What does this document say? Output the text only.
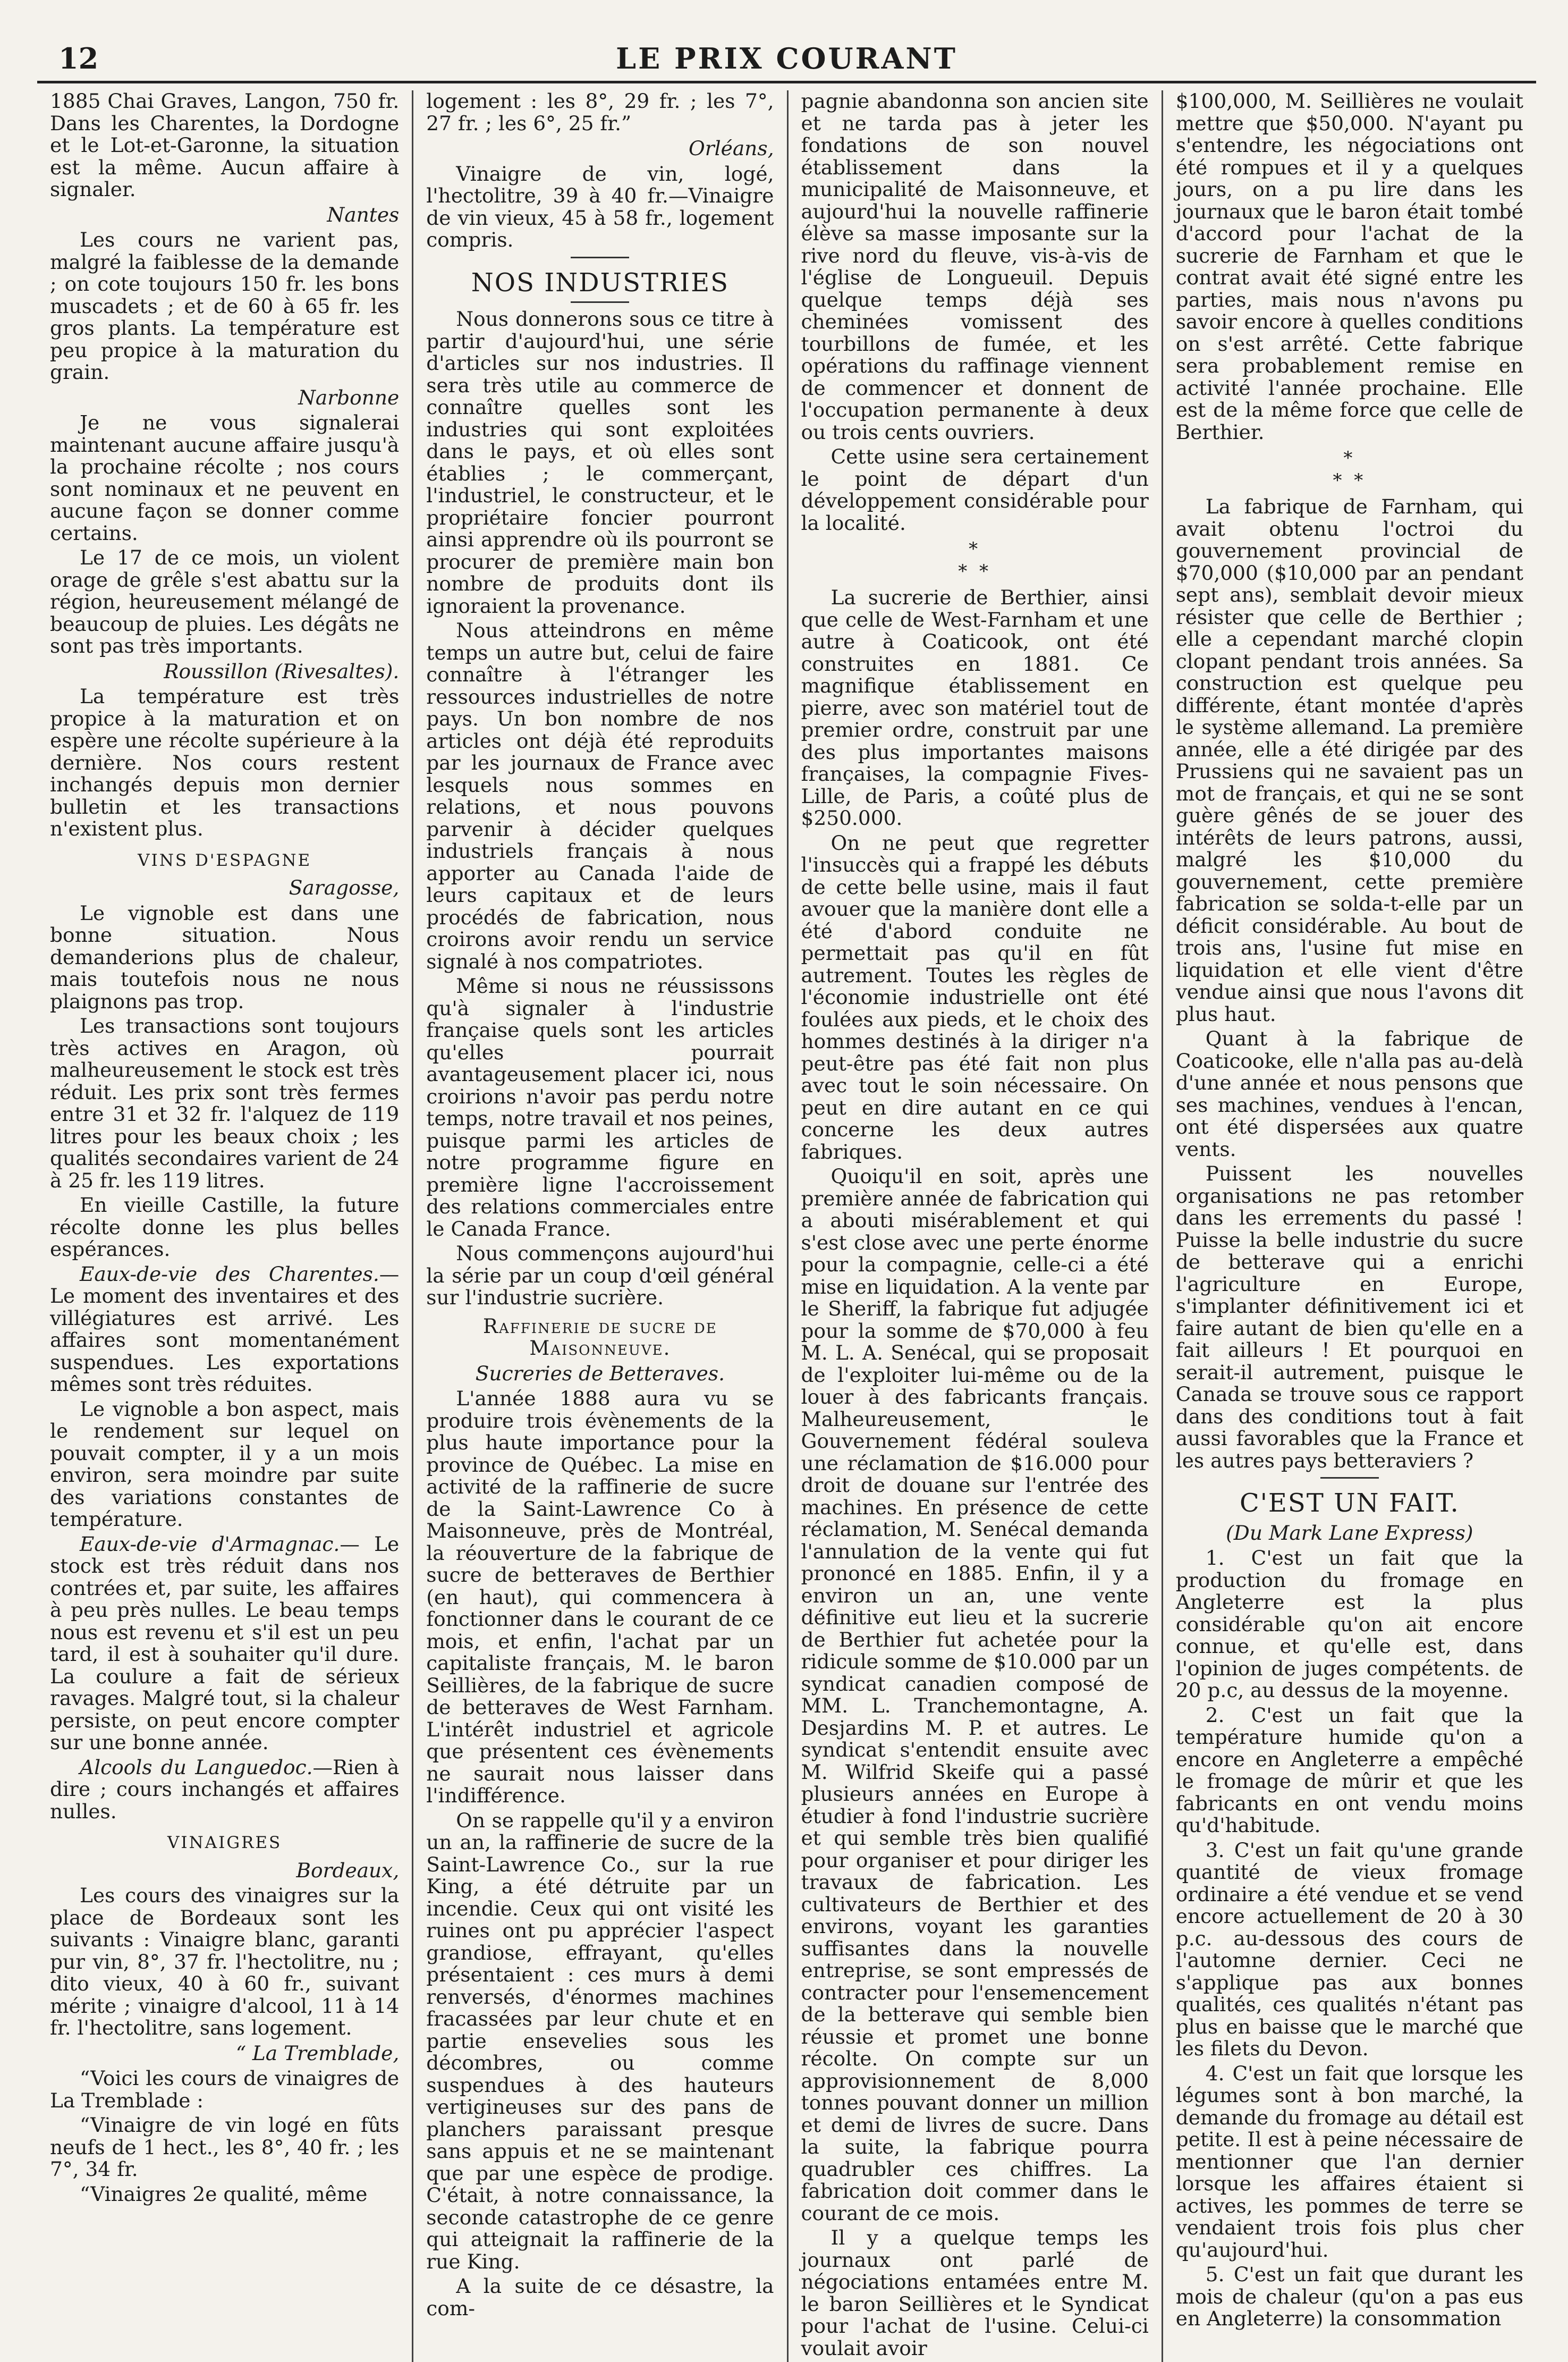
12	LE PRIX COURANT

1885 Chai Graves, Langon, 750 fr. Dans les Charentes, la Dordogne et le Lot-et-Garonne, la situation est la même. Aucun affaire à signaler.

Nantes

Les cours ne varient pas, malgré la faiblesse de la demande ; on cote toujours 150 fr. les bons muscadets ; et de 60 à 65 fr. les gros plants. La température est peu propice à la maturation du grain.

Narbonne

Je ne vous signalerai maintenant aucune affaire jusqu'à la prochaine récolte ; nos cours sont nominaux et ne peuvent en aucune façon se donner comme certains.

Le 17 de ce mois, un violent orage de grêle s'est abattu sur la région, heureusement mélangé de beaucoup de pluies. Les dégâts ne sont pas très importants.

Roussillon (Rivesaltes).

La température est très propice à la maturation et on espère une récolte supérieure à la dernière. Nos cours restent inchangés depuis mon dernier bulletin et les transactions n'existent plus.

VINS D'ESPAGNE
Saragosse,

Le vignoble est dans une bonne situation. Nous demanderions plus de chaleur, mais toutefois nous ne nous plaignons pas trop.

Les transactions sont toujours très actives en Aragon, où malheureusement le stock est très réduit. Les prix sont très fermes entre 31 et 32 fr. l'alquez de 119 litres pour les beaux choix ; les qualités secondaires varient de 24 à 25 fr. les 119 litres.

En vieille Castille, la future récolte donne les plus belles espérances.

Eaux-de-vie des Charentes.— Le moment des inventaires et des villégiatures est arrivé. Les affaires sont momentanément suspendues. Les exportations mêmes sont très réduites.

Le vignoble a bon aspect, mais le rendement sur lequel on pouvait compter, il y a un mois environ, sera moindre par suite des variations constantes de température.

Eaux-de-vie d'Armagnac.— Le stock est très réduit dans nos contrées et, par suite, les affaires à peu près nulles. Le beau temps nous est revenu et s'il est un peu tard, il est à souhaiter qu'il dure. La coulure a fait de sérieux ravages. Malgré tout, si la chaleur persiste, on peut encore compter sur une bonne année.

Alcools du Languedoc.—Rien à dire ; cours inchangés et affaires nulles.

VINAIGRES
Bordeaux,

Les cours des vinaigres sur la place de Bordeaux sont les suivants : Vinaigre blanc, garanti pur vin, 8°, 37 fr. l'hectolitre, nu ; dito vieux, 40 à 60 fr., suivant mérite ; vinaigre d'alcool, 11 à 14 fr. l'hectolitre, sans logement.

“ La Tremblade,

“Voici les cours de vinaigres de La Tremblade :

“Vinaigre de vin logé en fûts neufs de 1 hect., les 8°, 40 fr. ; les 7°, 34 fr.

“Vinaigres 2e qualité, même

logement : les 8°, 29 fr. ; les 7°, 27 fr. ; les 6°, 25 fr.”

Orléans,

Vinaigre de vin, logé, l'hectolitre, 39 à 40 fr.—Vinaigre de vin vieux, 45 à 58 fr., logement compris.

NOS INDUSTRIES

Nous donnerons sous ce titre à partir d'aujourd'hui, une série d'articles sur nos industries. Il sera très utile au commerce de connaître quelles sont les industries qui sont exploitées dans le pays, et où elles sont établies ; le commerçant, l'industriel, le constructeur, et le propriétaire foncier pourront ainsi apprendre où ils pourront se procurer de première main bon nombre de produits dont ils ignoraient la provenance.

Nous atteindrons en même temps un autre but, celui de faire connaître à l'étranger les ressources industrielles de notre pays. Un bon nombre de nos articles ont déjà été reproduits par les journaux de France avec lesquels nous sommes en relations, et nous pouvons parvenir à décider quelques industriels français à nous apporter au Canada l'aide de leurs capitaux et de leurs procédés de fabrication, nous croirons avoir rendu un service signalé à nos compatriotes.

Même si nous ne réussissons qu'à signaler à l'industrie française quels sont les articles qu'elles pourrait avantageusement placer ici, nous croirions n'avoir pas perdu notre temps, notre travail et nos peines, puisque parmi les articles de notre programme figure en première ligne l'accroissement des relations commerciales entre le Canada France.

Nous commençons aujourd'hui la série par un coup d'œil général sur l'industrie sucrière.

Raffinerie de sucre de Maisonneuve.
Sucreries de Betteraves.

L'année 1888 aura vu se produire trois évènements de la plus haute importance pour la province de Québec. La mise en activité de la raffinerie de sucre de la Saint-Lawrence Co à Maisonneuve, près de Montréal, la réouverture de la fabrique de sucre de betteraves de Berthier (en haut), qui commencera à fonctionner dans le courant de ce mois, et enfin, l'achat par un capitaliste français, M. le baron Seillières, de la fabrique de sucre de betteraves de West Farnham. L'intérêt industriel et agricole que présentent ces évènements ne saurait nous laisser dans l'indifférence.

On se rappelle qu'il y a environ un an, la raffinerie de sucre de la Saint-Lawrence Co., sur la rue King, a été détruite par un incendie. Ceux qui ont visité les ruines ont pu apprécier l'aspect grandiose, effrayant, qu'elles présentaient : ces murs à demi renversés, d'énormes machines fracassées par leur chute et en partie ensevelies sous les décombres, ou comme suspendues à des hauteurs vertigineuses sur des pans de planchers paraissant presque sans appuis et ne se maintenant que par une espèce de prodige. C'était, à notre connaissance, la seconde catastrophe de ce genre qui atteignait la raffinerie de la rue King.

A la suite de ce désastre, la com-

pagnie abandonna son ancien site et ne tarda pas à jeter les fondations de son nouvel établissement dans la municipalité de Maisonneuve, et aujourd'hui la nouvelle raffinerie élève sa masse imposante sur la rive nord du fleuve, vis-à-vis de l'église de Longueuil. Depuis quelque temps déjà ses cheminées vomissent des tourbillons de fumée, et les opérations du raffinage viennent de commencer et donnent de l'occupation permanente à deux ou trois cents ouvriers.

Cette usine sera certainement le point de départ d'un développement considérable pour la localité.

*
* *

La sucrerie de Berthier, ainsi que celle de West-Farnham et une autre à Coaticook, ont été construites en 1881. Ce magnifique établissement en pierre, avec son matériel tout de premier ordre, construit par une des plus importantes maisons françaises, la compagnie Fives-Lille, de Paris, a coûté plus de $250.000.

On ne peut que regretter l'insuccès qui a frappé les débuts de cette belle usine, mais il faut avouer que la manière dont elle a été d'abord conduite ne permettait pas qu'il en fût autrement. Toutes les règles de l'économie industrielle ont été foulées aux pieds, et le choix des hommes destinés à la diriger n'a peut-être pas été fait non plus avec tout le soin nécessaire. On peut en dire autant en ce qui concerne les deux autres fabriques.

Quoiqu'il en soit, après une première année de fabrication qui a abouti misérablement et qui s'est close avec une perte énorme pour la compagnie, celle-ci a été mise en liquidation. A la vente par le Sheriff, la fabrique fut adjugée pour la somme de $70,000 à feu M. L. A. Senécal, qui se proposait de l'exploiter lui-même ou de la louer à des fabricants français. Malheureusement, le Gouvernement fédéral souleva une réclamation de $16.000 pour droit de douane sur l'entrée des machines. En présence de cette réclamation, M. Senécal demanda l'annulation de la vente qui fut prononcé en 1885. Enfin, il y a environ un an, une vente définitive eut lieu et la sucrerie de Berthier fut achetée pour la ridicule somme de $10.000 par un syndicat canadien composé de MM. L. Tranchemontagne, A. Desjardins M. P. et autres. Le syndicat s'entendit ensuite avec M. Wilfrid Skeife qui a passé plusieurs années en Europe à étudier à fond l'industrie sucrière et qui semble très bien qualifié pour organiser et pour diriger les travaux de fabrication. Les cultivateurs de Berthier et des environs, voyant les garanties suffisantes dans la nouvelle entreprise, se sont empressés de contracter pour l'ensemencement de la betterave qui semble bien réussie et promet une bonne récolte. On compte sur un approvisionnement de 8,000 tonnes pouvant donner un million et demi de livres de sucre. Dans la suite, la fabrique pourra quadrubler ces chiffres. La fabrication doit commer dans le courant de ce mois.

Il y a quelque temps les journaux ont parlé de négociations entamées entre M. le baron Seillières et le Syndicat pour l'achat de l'usine. Celui-ci voulait avoir

$100,000, M. Seillières ne voulait mettre que $50,000. N'ayant pu s'entendre, les négociations ont été rompues et il y a quelques jours, on a pu lire dans les journaux que le baron était tombé d'accord pour l'achat de la sucrerie de Farnham et que le contrat avait été signé entre les parties, mais nous n'avons pu savoir encore à quelles conditions on s'est arrêté. Cette fabrique sera probablement remise en activité l'année prochaine. Elle est de la même force que celle de Berthier.

*
* *

La fabrique de Farnham, qui avait obtenu l'octroi du gouvernement provincial de $70,000 ($10,000 par an pendant sept ans), semblait devoir mieux résister que celle de Berthier ; elle a cependant marché clopin clopant pendant trois années. Sa construction est quelque peu différente, étant montée d'après le système allemand. La première année, elle a été dirigée par des Prussiens qui ne savaient pas un mot de français, et qui ne se sont guère gênés de se jouer des intérêts de leurs patrons, aussi, malgré les $10,000 du gouvernement, cette première fabrication se solda-t-elle par un déficit considérable. Au bout de trois ans, l'usine fut mise en liquidation et elle vient d'être vendue ainsi que nous l'avons dit plus haut.

Quant à la fabrique de Coaticooke, elle n'alla pas au-delà d'une année et nous pensons que ses machines, vendues à l'encan, ont été dispersées aux quatre vents.

Puissent les nouvelles organisations ne pas retomber dans les errements du passé ! Puisse la belle industrie du sucre de betterave qui a enrichi l'agriculture en Europe, s'implanter définitivement ici et faire autant de bien qu'elle en a fait ailleurs ! Et pourquoi en serait-il autrement, puisque le Canada se trouve sous ce rapport dans des conditions tout à fait aussi favorables que la France et les autres pays betteraviers ?

C'EST UN FAIT.
(Du Mark Lane Express)

1. C'est un fait que la production du fromage en Angleterre est la plus considérable qu'on ait encore connue, et qu'elle est, dans l'opinion de juges compétents. de 20 p.c, au dessus de la moyenne.

2. C'est un fait que la température humide qu'on a encore en Angleterre a empêché le fromage de mûrir et que les fabricants en ont vendu moins qu'd'habitude.

3. C'est un fait qu'une grande quantité de vieux fromage ordinaire a été vendue et se vend encore actuellement de 20 à 30 p.c. au-dessous des cours de l'automne dernier. Ceci ne s'applique pas aux bonnes qualités, ces qualités n'étant pas plus en baisse que le marché que les filets du Devon.

4. C'est un fait que lorsque les légumes sont à bon marché, la demande du fromage au détail est petite. Il est à peine nécessaire de mentionner que l'an dernier lorsque les affaires étaient si actives, les pommes de terre se vendaient trois fois plus cher qu'aujourd'hui.

5. C'est un fait que durant les mois de chaleur (qu'on a pas eus en Angleterre) la consommation
